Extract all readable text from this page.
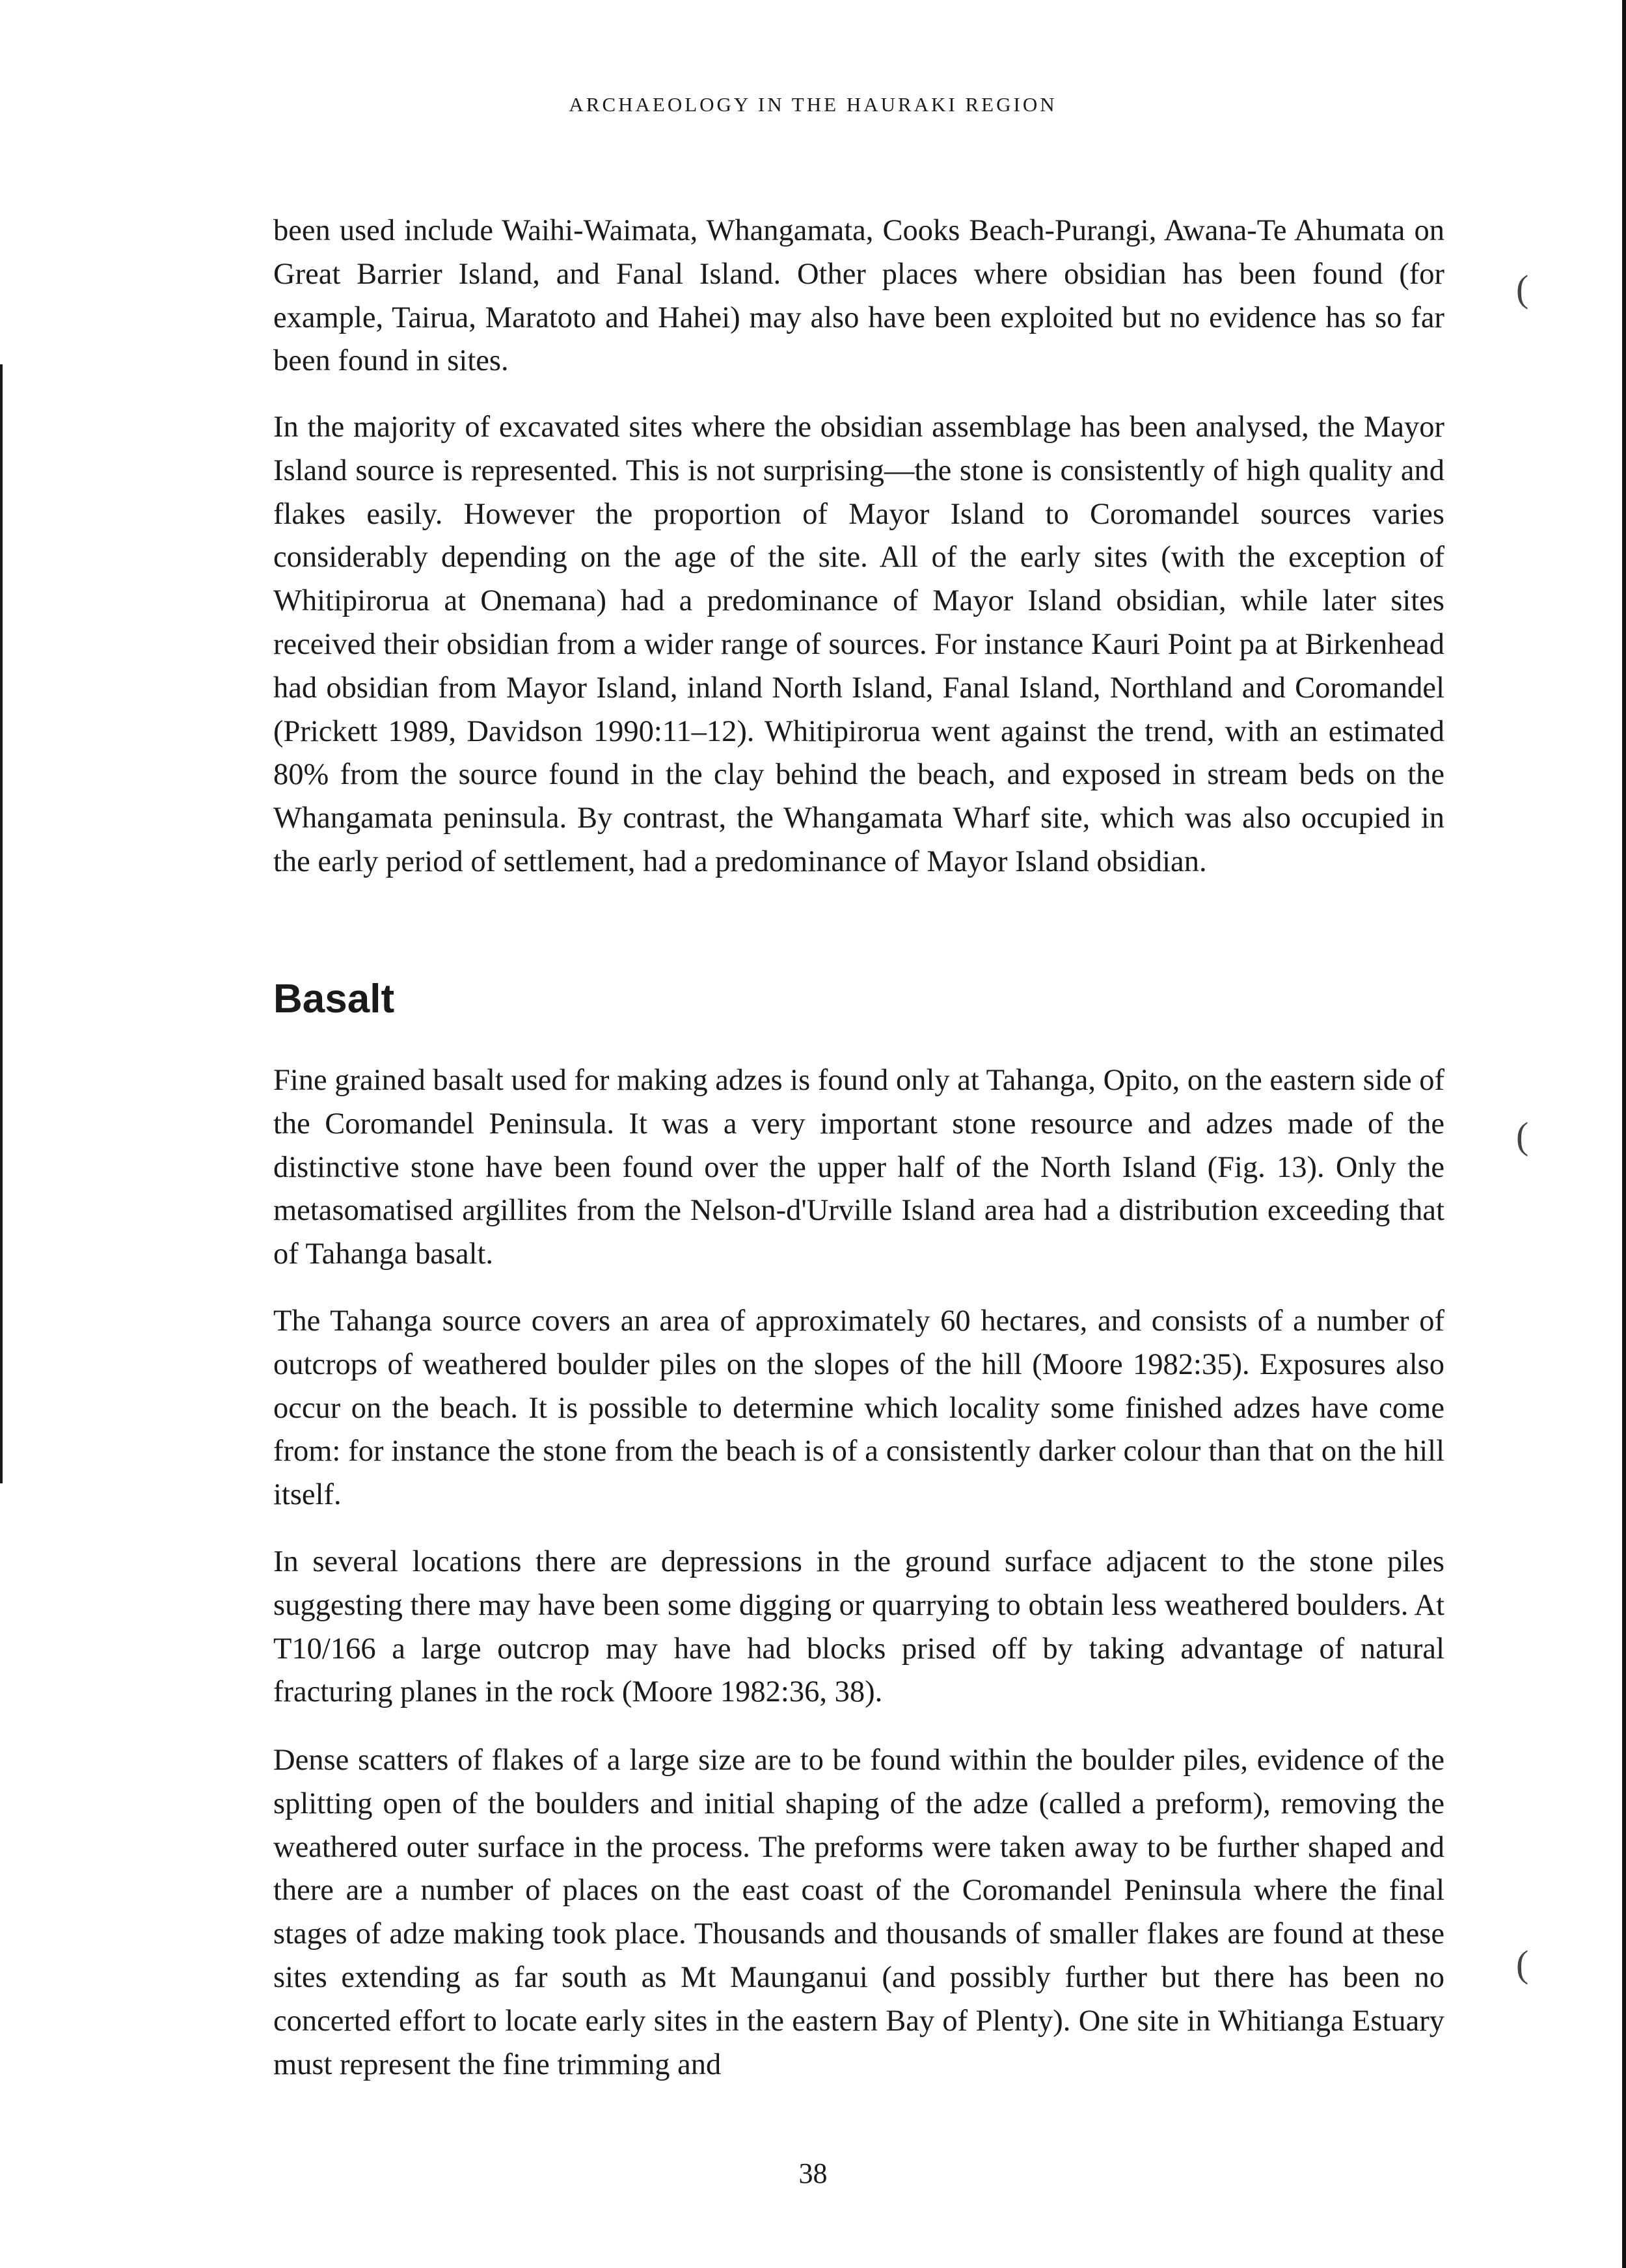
ARCHAEOLOGY IN THE HAURAKI REGION

been used include Waihi-Waimata, Whangamata, Cooks Beach-Purangi, Awana-Te Ahumata on Great Barrier Island, and Fanal Island. Other places where obsidian has been found (for example, Tairua, Maratoto and Hahei) may also have been exploited but no evidence has so far been found in sites.

In the majority of excavated sites where the obsidian assemblage has been analysed, the Mayor Island source is represented. This is not surprising—the stone is consistently of high quality and flakes easily. However the proportion of Mayor Island to Coromandel sources varies considerably depending on the age of the site. All of the early sites (with the exception of Whitipirorua at Onemana) had a predominance of Mayor Island obsidian, while later sites received their obsidian from a wider range of sources. For instance Kauri Point pa at Birkenhead had obsidian from Mayor Island, inland North Island, Fanal Island, Northland and Coromandel (Prickett 1989, Davidson 1990:11–12). Whitipirorua went against the trend, with an estimated 80% from the source found in the clay behind the beach, and exposed in stream beds on the Whangamata peninsula. By contrast, the Whangamata Wharf site, which was also occupied in the early period of settlement, had a predominance of Mayor Island obsidian.

Basalt

Fine grained basalt used for making adzes is found only at Tahanga, Opito, on the eastern side of the Coromandel Peninsula. It was a very important stone resource and adzes made of the distinctive stone have been found over the upper half of the North Island (Fig. 13). Only the metasomatised argillites from the Nelson-d'Urville Island area had a distribution exceeding that of Tahanga basalt.

The Tahanga source covers an area of approximately 60 hectares, and consists of a number of outcrops of weathered boulder piles on the slopes of the hill (Moore 1982:35). Exposures also occur on the beach. It is possible to determine which locality some finished adzes have come from: for instance the stone from the beach is of a consistently darker colour than that on the hill itself.

In several locations there are depressions in the ground surface adjacent to the stone piles suggesting there may have been some digging or quarrying to obtain less weathered boulders. At T10/166 a large outcrop may have had blocks prised off by taking advantage of natural fracturing planes in the rock (Moore 1982:36, 38).

Dense scatters of flakes of a large size are to be found within the boulder piles, evidence of the splitting open of the boulders and initial shaping of the adze (called a preform), removing the weathered outer surface in the process. The preforms were taken away to be further shaped and there are a number of places on the east coast of the Coromandel Peninsula where the final stages of adze making took place. Thousands and thousands of smaller flakes are found at these sites extending as far south as Mt Maunganui (and possibly further but there has been no concerted effort to locate early sites in the eastern Bay of Plenty). One site in Whitianga Estuary must represent the fine trimming and

(
(
(
38
